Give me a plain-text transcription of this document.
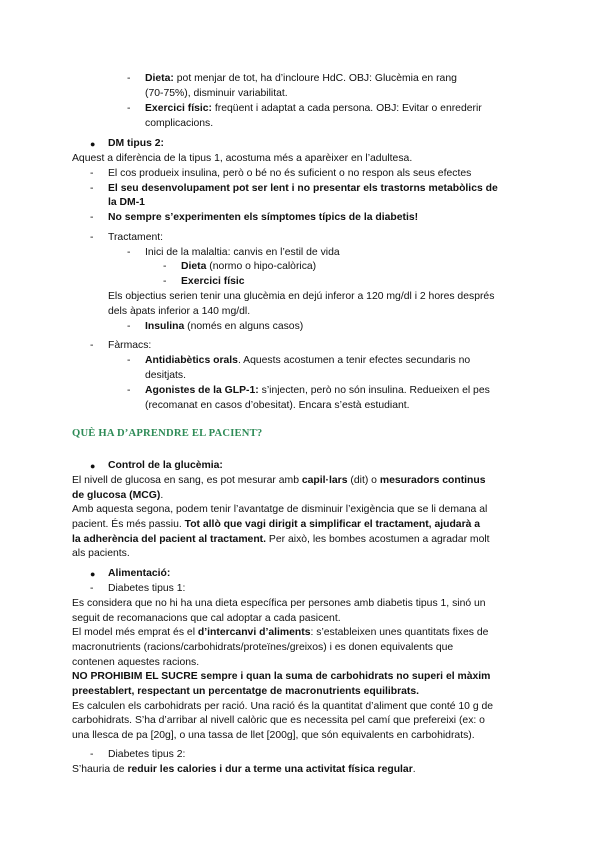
- Dieta: pot menjar de tot, ha d’incloure HdC. OBJ: Glucèmia en rang
(70-75%), disminuir variabilitat.
- Exercici físic: freqüent i adaptat a cada persona. OBJ: Evitar o enrederir
complicacions.
● DM tipus 2:
Aquest a diferència de la tipus 1, acostuma més a aparèixer en l’adultesa.
- El cos produeix insulina, però o bé no és suficient o no respon als seus efectes
- El seu desenvolupament pot ser lent i no presentar els trastorns metabòlics de
la DM-1
- No sempre s’experimenten els símptomes típics de la diabetis!
- Tractament:
- Inici de la malaltia: canvis en l’estil de vida
- Dieta (normo o hipo-calòrica)
- Exercici físic
Els objectius serien tenir una glucèmia en dejú inferor a 120 mg/dl i 2 hores després
dels àpats inferior a 140 mg/dl.
- Insulina (només en alguns casos)
- Fàrmacs:
- Antidiabètics orals. Aquests acostumen a tenir efectes secundaris no
desitjats.
- Agonistes de la GLP-1: s’injecten, però no són insulina. Redueixen el pes
(recomanat en casos d’obesitat). Encara s’està estudiant.
QUÈ HA D’APRENDRE EL PACIENT?
● Control de la glucèmia:
El nivell de glucosa en sang, es pot mesurar amb capil·lars (dit) o mesuradors continus
de glucosa (MCG).
Amb aquesta segona, podem tenir l’avantatge de disminuir l’exigència que se li demana al
pacient. És més passiu. Tot allò que vagi dirigit a simplificar el tractament, ajudarà a
la adherència del pacient al tractament. Per això, les bombes acostumen a agradar molt
als pacients.
● Alimentació:
- Diabetes tipus 1:
Es considera que no hi ha una dieta específica per persones amb diabetis tipus 1, sinó un
seguit de recomanacions que cal adoptar a cada pasicent.
El model més emprat és el d’intercanvi d’aliments: s’estableixen unes quantitats fixes de
macronutrients (racions/carbohidrats/proteïnes/greixos) i es donen equivalents que
contenen aquestes racions.
NO PROHIBIM EL SUCRE sempre i quan la suma de carbohidrats no superi el màxim
preestablert, respectant un percentatge de macronutrients equilibrats.
Es calculen els carbohidrats per ració. Una ració és la quantitat d’aliment que conté 10 g de
carbohidrats. S’ha d’arribar al nivell calòric que es necessita pel camí que prefereixi (ex: o
una llesca de pa [20g], o una tassa de llet [200g], que són equivalents en carbohidrats).
- Diabetes tipus 2:
S’hauria de reduir les calories i dur a terme una activitat física regular.
